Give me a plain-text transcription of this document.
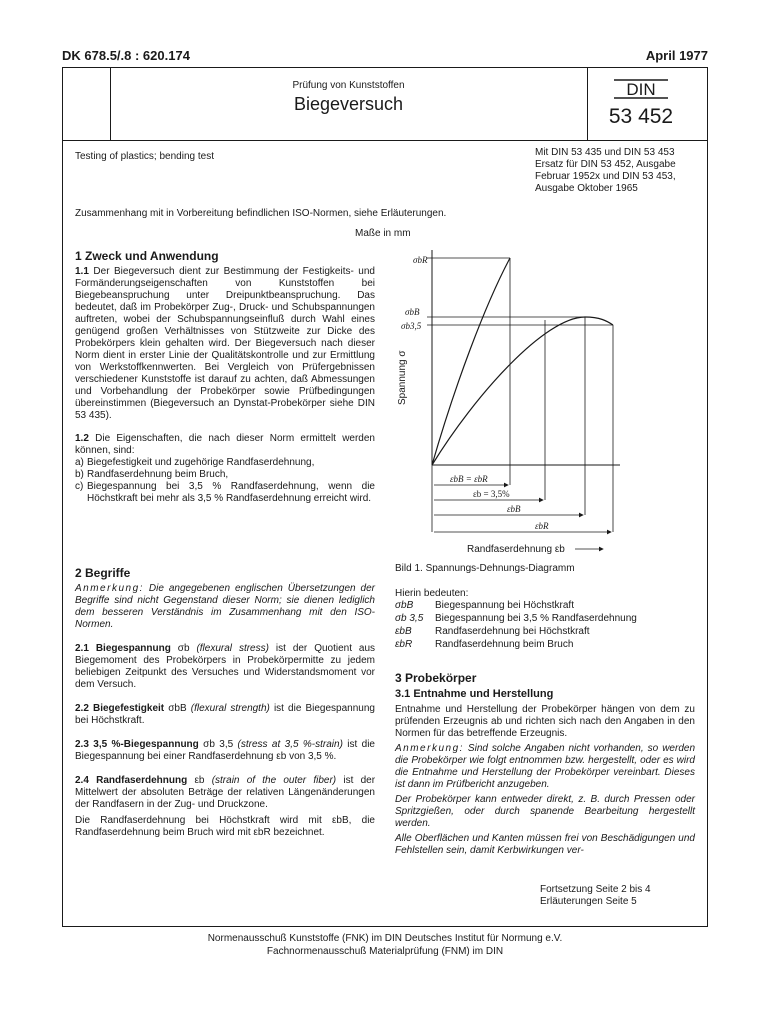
DK 678.5/.8 : 620.174	April 1977
Prüfung von Kunststoffen
Biegeversuch
DIN
53 452
Testing of plastics; bending test	Mit DIN 53 435 und DIN 53 453 Ersatz für DIN 53 452, Ausgabe Februar 1952x und DIN 53 453, Ausgabe Oktober 1965
Zusammenhang mit in Vorbereitung befindlichen ISO-Normen, siehe Erläuterungen.
Maße in mm
1 Zweck und Anwendung

1.1 Der Biegeversuch dient zur Bestimmung der Festigkeits- und Formänderungseigenschaften von Kunststoffen bei Biegebeanspruchung unter Dreipunktbeanspruchung. Das bedeutet, daß im Probekörper Zug-, Druck- und Schubspannungen auftreten, wobei der Schubspannungseinfluß durch Wahl eines genügend großen Verhältnisses von Stützweite zur Dicke des Probekörpers klein gehalten wird. Der Biegeversuch nach dieser Norm dient in erster Linie der Qualitätskontrolle und zur Ermittlung von Werkstoffkennwerten. Bei Vergleich von Prüfergebnissen verschiedener Kunststoffe ist darauf zu achten, daß Abmessungen und Vorbehandlung der Probekörper sowie Prüfbedingungen übereinstimmen (Biegeversuch an Dynstat-Probekörper siehe DIN 53 435).

1.2 Die Eigenschaften, die nach dieser Norm ermittelt werden können, sind:

a) Biegefestigkeit und zugehörige Randfaserdehnung,
b) Randfaserdehnung beim Bruch,
c) Biegespannung bei 3,5 % Randfaserdehnung, wenn die Höchstkraft bei mehr als 3,5 % Randfaserdehnung erreicht wird.
2 Begriffe

Anmerkung: Die angegebenen englischen Übersetzungen der Begriffe sind nicht Gegenstand dieser Norm; sie dienen lediglich dem besseren Verständnis im Zusammenhang mit den ISO-Normen.

2.1 Biegespannung σb (flexural stress) ist der Quotient aus Biegemoment des Probekörpers in Probekörpermitte zu jedem beliebigen Zeitpunkt des Versuches und Widerstandsmoment vor dem Versuch.

2.2 Biegefestigkeit σbB (flexural strength) ist die Biegespannung bei Höchstkraft.

2.3 3,5 %-Biegespannung σb 3,5 (stress at 3,5 %-strain) ist die Biegespannung bei einer Randfaserdehnung εb von 3,5 %.

2.4 Randfaserdehnung εb (strain of the outer fiber) ist der Mittelwert der absoluten Beträge der relativen Längenänderungen der Randfasern in der Zug- und Druckzone.

Die Randfaserdehnung bei Höchstkraft wird mit εbB, die Randfaserdehnung beim Bruch wird mit εbR bezeichnet.

σbR
σbB
σb3,5
Spannung σ
εbB = εbR
εb = 3,5%
εbB
εbR
Randfaserdehnung εb
Bild 1. Spannungs-Dehnungs-Diagramm

Hierin bedeuten:

σbB	Biegespannung bei Höchstkraft
σb 3,5	Biegespannung bei 3,5 % Randfaserdehnung
εbB	Randfaserdehnung bei Höchstkraft
εbR	Randfaserdehnung beim Bruch
3 Probekörper
3.1 Entnahme und Herstellung

Entnahme und Herstellung der Probekörper hängen von dem zu prüfenden Erzeugnis ab und richten sich nach den Angaben in den Normen für das betreffende Erzeugnis.

Anmerkung: Sind solche Angaben nicht vorhanden, so werden die Probekörper wie folgt entnommen bzw. hergestellt, oder es wird die Entnahme und Herstellung der Probekörper vereinbart. Dieses ist dann im Prüfbericht anzugeben.

Der Probekörper kann entweder direkt, z. B. durch Pressen oder Spritzgießen, oder durch spanende Bearbeitung hergestellt werden.

Alle Oberflächen und Kanten müssen frei von Beschädigungen und Fehlstellen sein, damit Kerbwirkungen ver-

Fortsetzung Seite 2 bis 4
Erläuterungen Seite 5
Normenausschuß Kunststoffe (FNK) im DIN Deutsches Institut für Normung e.V.
Fachnormenausschuß Materialprüfung (FNM) im DIN
